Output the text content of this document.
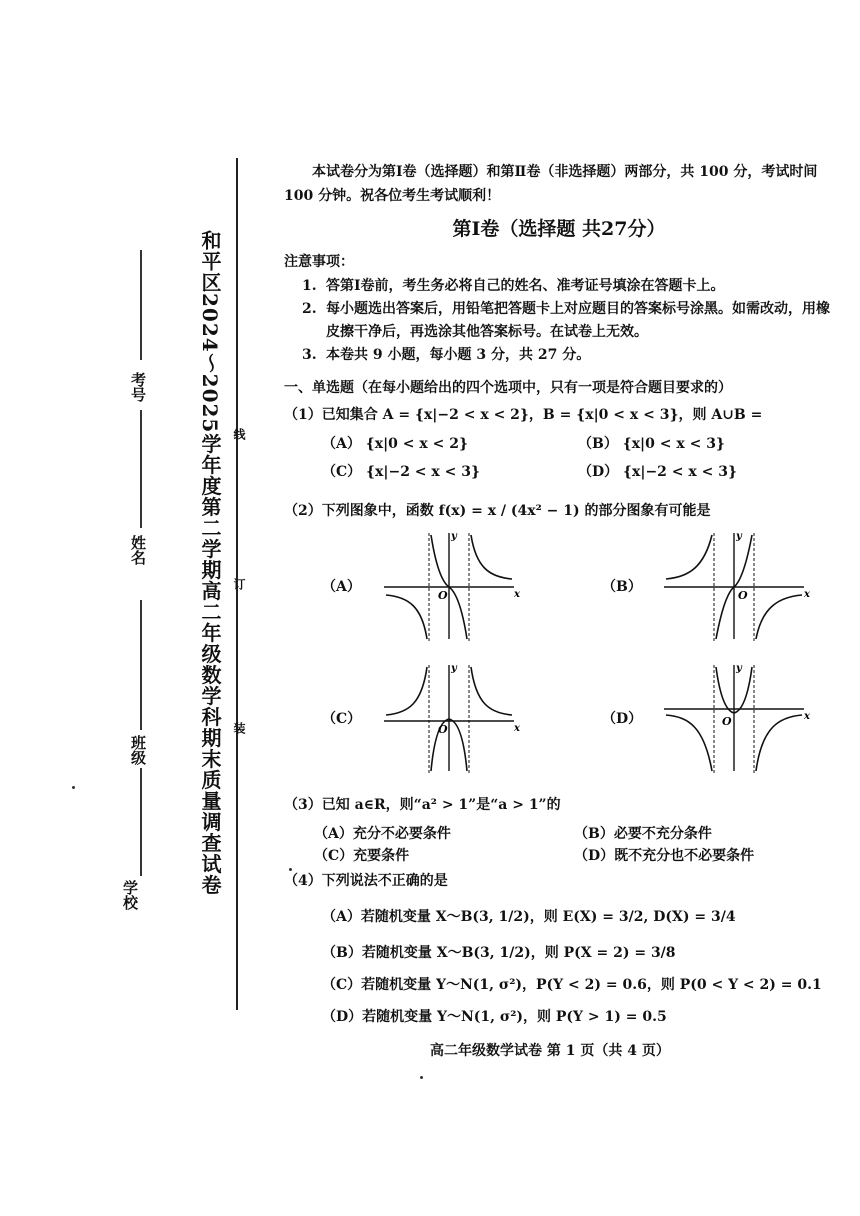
和平区2024～2025学年度第二学期高二年级数学科期末质量调查试卷
学校
班级
姓名
考号
装
订
线
本试卷分为第Ⅰ卷（选择题）和第Ⅱ卷（非选择题）两部分，共 100 分，考试时间 100 分钟。祝各位考生考试顺利！
第Ⅰ卷（选择题 共27分）
注意事项：
1. 答第Ⅰ卷前，考生务必将自己的姓名、准考证号填涂在答题卡上。
2. 每小题选出答案后，用铅笔把答题卡上对应题目的答案标号涂黑。如需改动，用橡皮擦干净后，再选涂其他答案标号。在试卷上无效。
3. 本卷共 9 小题，每小题 3 分，共 27 分。
一、单选题（在每小题给出的四个选项中，只有一项是符合题目要求的）
（1）已知集合 A = {x|−2 < x < 2}，B = {x|0 < x < 3}，则 A∪B =
（A） {x|0 < x < 2}	（B） {x|0 < x < 3}
（C） {x|−2 < x < 3}	（D） {x|−2 < x < 3}
（2）下列图象中，函数 f(x) = x / (4x² − 1) 的部分图象有可能是
（A）
y
x
O
（B）
y
x
O
（C）
y
x
O
（D）
y
x
O
（3）已知 a∈R，则“a² > 1”是“a > 1”的
（A）充分不必要条件	（B）必要不充分条件
（C）充要条件	（D）既不充分也不必要条件
（4）下列说法不正确的是
（A）若随机变量 X～B(3, 1/2)，则 E(X) = 3/2, D(X) = 3/4
（B）若随机变量 X～B(3, 1/2)，则 P(X = 2) = 3/8
（C）若随机变量 Y～N(1, σ²)，P(Y < 2) = 0.6，则 P(0 < Y < 2) = 0.1
（D）若随机变量 Y～N(1, σ²)，则 P(Y > 1) = 0.5
高二年级数学试卷 第 1 页（共 4 页）
